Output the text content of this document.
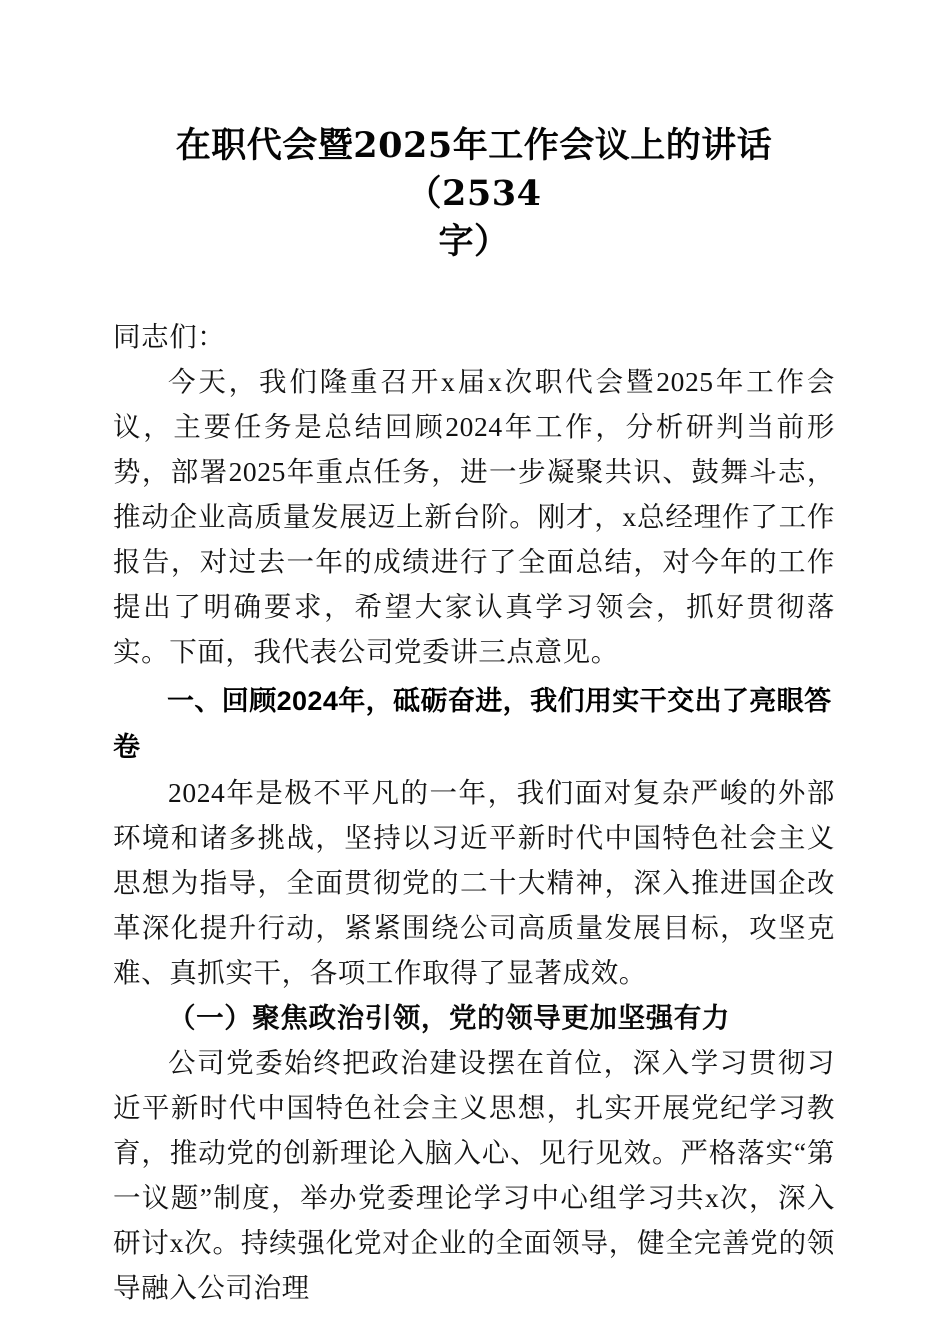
在职代会暨2025年工作会议上的讲话（2534
字）

同志们：

今天，我们隆重召开x届x次职代会暨2025年工作会议，主要任务是总结回顾2024年工作，分析研判当前形势，部署2025年重点任务，进一步凝聚共识、鼓舞斗志，推动企业高质量发展迈上新台阶。刚才，x总经理作了工作报告，对过去一年的成绩进行了全面总结，对今年的工作提出了明确要求，希望大家认真学习领会，抓好贯彻落实。下面，我代表公司党委讲三点意见。

一、回顾2024年，砥砺奋进，我们用实干交出了亮眼答卷

2024年是极不平凡的一年，我们面对复杂严峻的外部环境和诸多挑战，坚持以习近平新时代中国特色社会主义思想为指导，全面贯彻党的二十大精神，深入推进国企改革深化提升行动，紧紧围绕公司高质量发展目标，攻坚克难、真抓实干，各项工作取得了显著成效。

（一）聚焦政治引领，党的领导更加坚强有力

公司党委始终把政治建设摆在首位，深入学习贯彻习近平新时代中国特色社会主义思想，扎实开展党纪学习教育，推动党的创新理论入脑入心、见行见效。严格落实“第一议题”制度，举办党委理论学习中心组学习共x次，深入研讨x次。持续强化党对企业的全面领导，健全完善党的领导融入公司治理
